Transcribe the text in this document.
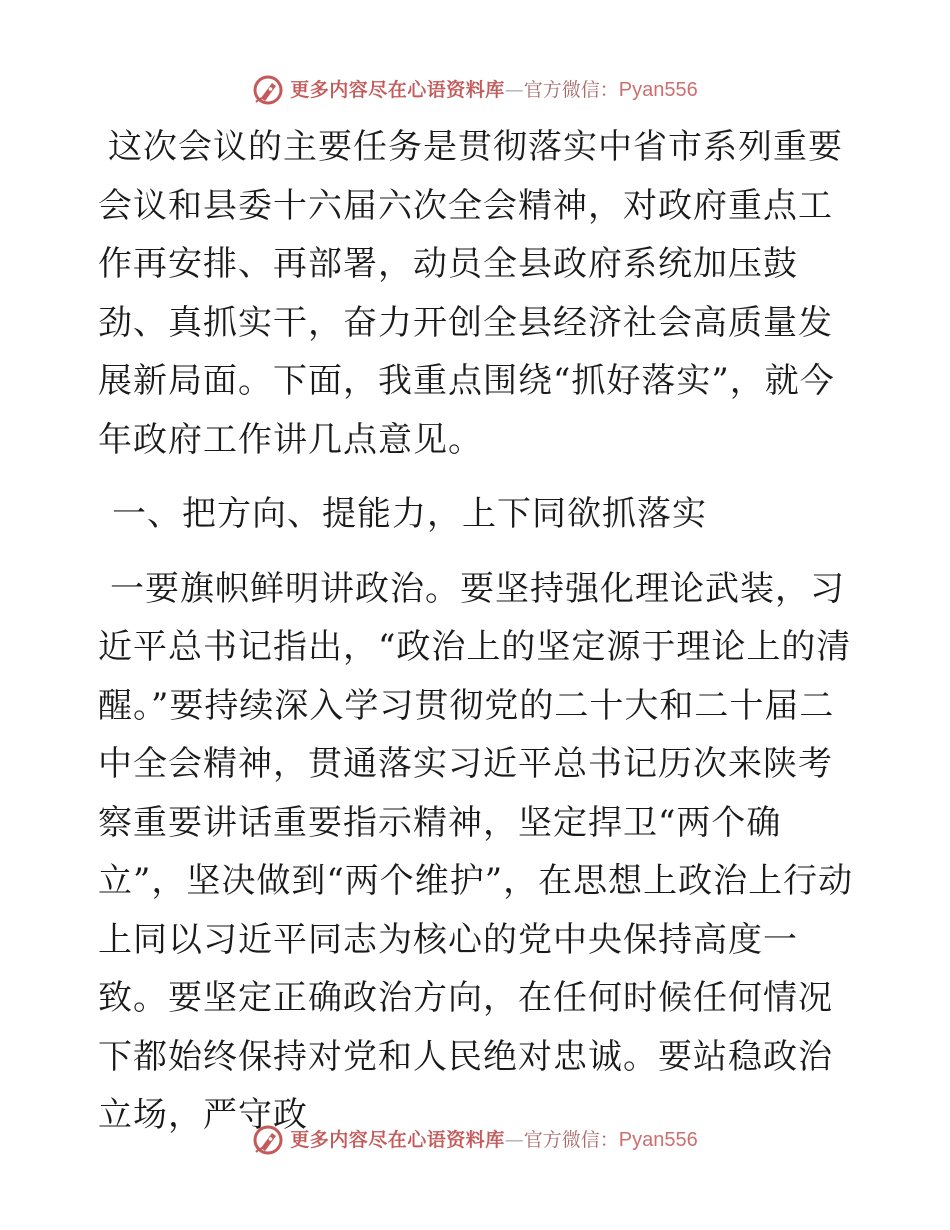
更多内容尽在心语资料库 — 官方微信： Pyan556

这次会议的主要任务是贯彻落实中省市系列重要会议和县委十六届六次全会精神，对政府重点工作再安排、再部署，动员全县政府系统加压鼓劲、真抓实干，奋力开创全县经济社会高质量发展新局面。下面，我重点围绕“抓好落实”，就今年政府工作讲几点意见。

一、把方向、提能力，上下同欲抓落实

一要旗帜鲜明讲政治。要坚持强化理论武装，习近平总书记指出，“政治上的坚定源于理论上的清醒。”要持续深入学习贯彻党的二十大和二十届二中全会精神，贯通落实习近平总书记历次来陕考察重要讲话重要指示精神，坚定捍卫“两个确立”，坚决做到“两个维护”，在思想上政治上行动上同以习近平同志为核心的党中央保持高度一致。要坚定正确政治方向，在任何时候任何情况下都始终保持对党和人民绝对忠诚。要站稳政治立场，严守政

更多内容尽在心语资料库 — 官方微信： Pyan556
